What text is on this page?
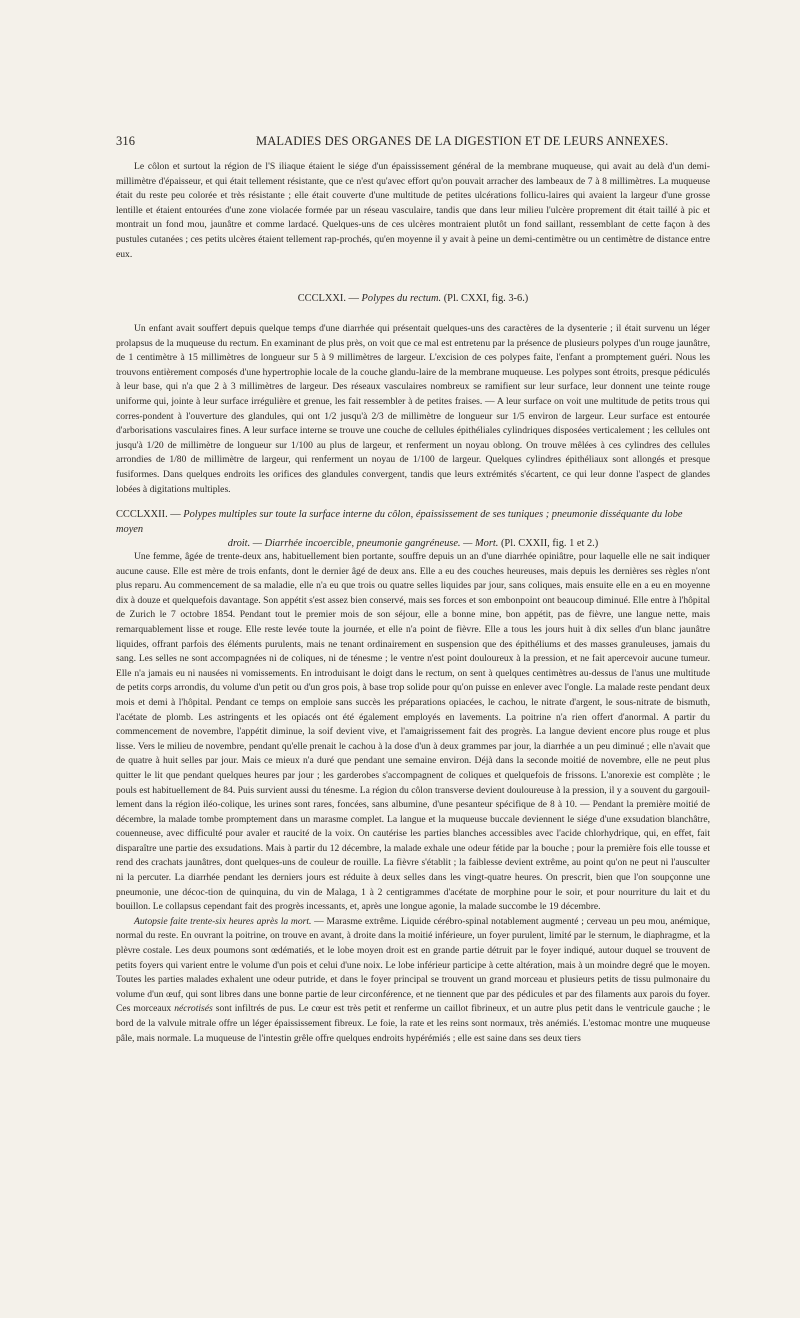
316	MALADIES DES ORGANES DE LA DIGESTION ET DE LEURS ANNEXES.

Le côlon et surtout la région de l'S iliaque étaient le siége d'un épaississement général de la membrane muqueuse, qui avait au delà d'un demi-millimètre d'épaisseur, et qui était tellement résistante, que ce n'est qu'avec effort qu'on pouvait arracher des lambeaux de 7 à 8 millimètres. La muqueuse était du reste peu colorée et très résistante ; elle était couverte d'une multitude de petites ulcérations follicu-laires qui avaient la largeur d'une grosse lentille et étaient entourées d'une zone violacée formée par un réseau vasculaire, tandis que dans leur milieu l'ulcère proprement dit était taillé à pic et montrait un fond mou, jaunâtre et comme lardacé. Quelques-uns de ces ulcères montraient plutôt un fond saillant, ressemblant de cette façon à des pustules cutanées ; ces petits ulcères étaient tellement rap-prochés, qu'en moyenne il y avait à peine un demi-centimètre ou un centimètre de distance entre eux.

CCCLXXI. — Polypes du rectum. (Pl. CXXI, fig. 3-6.)

Un enfant avait souffert depuis quelque temps d'une diarrhée qui présentait quelques-uns des caractères de la dysenterie ; il était survenu un léger prolapsus de la muqueuse du rectum. En examinant de plus près, on voit que ce mal est entretenu par la présence de plusieurs polypes d'un rouge jaunâtre, de 1 centimètre à 15 millimètres de longueur sur 5 à 9 millimètres de largeur. L'excision de ces polypes faite, l'enfant a promptement guéri. Nous les trouvons entièrement composés d'une hypertrophie locale de la couche glandu-laire de la membrane muqueuse. Les polypes sont étroits, presque pédiculés à leur base, qui n'a que 2 à 3 millimètres de largeur. Des réseaux vasculaires nombreux se ramifient sur leur surface, leur donnent une teinte rouge uniforme qui, jointe à leur surface irrégulière et grenue, les fait ressembler à de petites fraises. — A leur surface on voit une multitude de petits trous qui corres-pondent à l'ouverture des glandules, qui ont 1/2 jusqu'à 2/3 de millimètre de longueur sur 1/5 environ de largeur. Leur surface est entourée d'arborisations vasculaires fines. A leur surface interne se trouve une couche de cellules épithéliales cylindriques disposées verticalement ; les cellules ont jusqu'à 1/20 de millimètre de longueur sur 1/100 au plus de largeur, et renferment un noyau oblong. On trouve mêlées à ces cylindres des cellules arrondies de 1/80 de millimètre de largeur, qui renferment un noyau de 1/100 de largeur. Quelques cylindres épithéliaux sont allongés et presque fusiformes. Dans quelques endroits les orifices des glandules convergent, tandis que leurs extrémités s'écartent, ce qui leur donne l'aspect de glandes lobées à digitations multiples.

CCCLXXII. — Polypes multiples sur toute la surface interne du côlon, épaississement de ses tuniques ; pneumonie disséquante du lobe moyen
droit. — Diarrhée incoercible, pneumonie gangréneuse. — Mort. (Pl. CXXII, fig. 1 et 2.)

Une femme, âgée de trente-deux ans, habituellement bien portante, souffre depuis un an d'une diarrhée opiniâtre, pour laquelle elle ne sait indiquer aucune cause. Elle est mère de trois enfants, dont le dernier âgé de deux ans. Elle a eu des couches heureuses, mais depuis les dernières ses règles n'ont plus reparu. Au commencement de sa maladie, elle n'a eu que trois ou quatre selles liquides par jour, sans coliques, mais ensuite elle en a eu en moyenne dix à douze et quelquefois davantage. Son appétit s'est assez bien conservé, mais ses forces et son embonpoint ont beaucoup diminué. Elle entre à l'hôpital de Zurich le 7 octobre 1854. Pendant tout le premier mois de son séjour, elle a bonne mine, bon appétit, pas de fièvre, une langue nette, mais remarquablement lisse et rouge. Elle reste levée toute la journée, et elle n'a point de fièvre. Elle a tous les jours huit à dix selles d'un blanc jaunâtre liquides, offrant parfois des éléments purulents, mais ne tenant ordinairement en suspension que des épithéliums et des masses granuleuses, jamais du sang. Les selles ne sont accompagnées ni de coliques, ni de ténesme ; le ventre n'est point douloureux à la pression, et ne fait apercevoir aucune tumeur. Elle n'a jamais eu ni nausées ni vomissements. En introduisant le doigt dans le rectum, on sent à quelques centimètres au-dessus de l'anus une multitude de petits corps arrondis, du volume d'un petit ou d'un gros pois, à base trop solide pour qu'on puisse en enlever avec l'ongle. La malade reste pendant deux mois et demi à l'hôpital. Pendant ce temps on emploie sans succès les préparations opiacées, le cachou, le nitrate d'argent, le sous-nitrate de bismuth, l'acétate de plomb. Les astringents et les opiacés ont été également employés en lavements. La poitrine n'a rien offert d'anormal. A partir du commencement de novembre, l'appétit diminue, la soif devient vive, et l'amaigrissement fait des progrès. La langue devient encore plus rouge et plus lisse. Vers le milieu de novembre, pendant qu'elle prenait le cachou à la dose d'un à deux grammes par jour, la diarrhée a un peu diminué ; elle n'avait que de quatre à huit selles par jour. Mais ce mieux n'a duré que pendant une semaine environ. Déjà dans la seconde moitié de novembre, elle ne peut plus quitter le lit que pendant quelques heures par jour ; les garderobes s'accompagnent de coliques et quelquefois de frissons. L'anorexie est complète ; le pouls est habituellement de 84. Puis survient aussi du ténesme. La région du côlon transverse devient douloureuse à la pression, il y a souvent du gargouil-lement dans la région iléo-colique, les urines sont rares, foncées, sans albumine, d'une pesanteur spécifique de 8 à 10. — Pendant la première moitié de décembre, la malade tombe promptement dans un marasme complet. La langue et la muqueuse buccale deviennent le siége d'une exsudation blanchâtre, couenneuse, avec difficulté pour avaler et raucité de la voix. On cautérise les parties blanches accessibles avec l'acide chlorhydrique, qui, en effet, fait disparaître une partie des exsudations. Mais à partir du 12 décembre, la malade exhale une odeur fétide par la bouche ; pour la première fois elle tousse et rend des crachats jaunâtres, dont quelques-uns de couleur de rouille. La fièvre s'établit ; la faiblesse devient extrême, au point qu'on ne peut ni l'ausculter ni la percuter. La diarrhée pendant les derniers jours est réduite à deux selles dans les vingt-quatre heures. On prescrit, bien que l'on soupçonne une pneumonie, une décoc-tion de quinquina, du vin de Malaga, 1 à 2 centigrammes d'acétate de morphine pour le soir, et pour nourriture du lait et du bouillon. Le collapsus cependant fait des progrès incessants, et, après une longue agonie, la malade succombe le 19 décembre.

Autopsie faite trente-six heures après la mort. — Marasme extrême. Liquide cérébro-spinal notablement augmenté ; cerveau un peu mou, anémique, normal du reste. En ouvrant la poitrine, on trouve en avant, à droite dans la moitié inférieure, un foyer purulent, limité par le sternum, le diaphragme, et la plèvre costale. Les deux poumons sont œdématiés, et le lobe moyen droit est en grande partie détruit par le foyer indiqué, autour duquel se trouvent de petits foyers qui varient entre le volume d'un pois et celui d'une noix. Le lobe inférieur participe à cette altération, mais à un moindre degré que le moyen. Toutes les parties malades exhalent une odeur putride, et dans le foyer principal se trouvent un grand morceau et plusieurs petits de tissu pulmonaire du volume d'un œuf, qui sont libres dans une bonne partie de leur circonférence, et ne tiennent que par des pédicules et par des filaments aux parois du foyer. Ces morceaux nécrotisés sont infiltrés de pus. Le cœur est très petit et renferme un caillot fibrineux, et un autre plus petit dans le ventricule gauche ; le bord de la valvule mitrale offre un léger épaississement fibreux. Le foie, la rate et les reins sont normaux, très anémiés. L'estomac montre une muqueuse pâle, mais normale. La muqueuse de l'intestin grêle offre quelques endroits hypérémiés ; elle est saine dans ses deux tiers
